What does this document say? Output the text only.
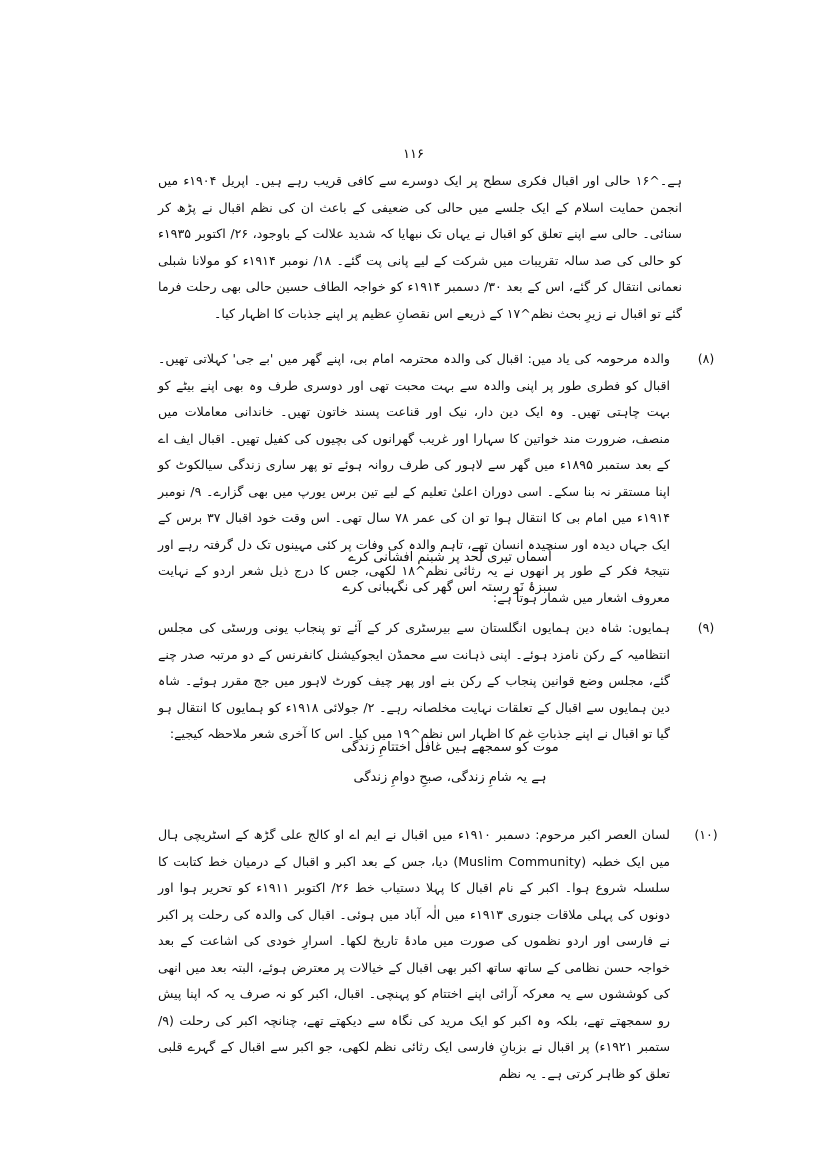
۱۱۶
ہے۔^۱۶ حالی اور اقبال فکری سطح پر ایک دوسرے سے کافی قریب رہے ہیں۔ اپریل ۱۹۰۴ء میں انجمن حمایت اسلام کے ایک جلسے میں حالی کی ضعیفی کے باعث ان کی نظم اقبال نے پڑھ کر سنائی۔ حالی سے اپنے تعلق کو اقبال نے یہاں تک نبھایا کہ شدید علالت کے باوجود، ۲۶/ اکتوبر ۱۹۳۵ء کو حالی کی صد سالہ تقریبات میں شرکت کے لیے پانی پت گئے۔ ۱۸/ نومبر ۱۹۱۴ء کو مولانا شبلی نعمانی انتقال کر گئے، اس کے بعد ۳۰/ دسمبر ۱۹۱۴ء کو خواجہ الطاف حسین حالی بھی رحلت فرما گئے تو اقبال نے زیرِ بحث نظم^۱۷ کے ذریعے اس نقصانِ عظیم پر اپنے جذبات کا اظہار کیا۔
(۸)
والدہ مرحومہ کی یاد میں: اقبال کی والدہ محترمہ امام بی، اپنے گھر میں 'بے جی' کہلاتی تھیں۔ اقبال کو فطری طور پر اپنی والدہ سے بہت محبت تھی اور دوسری طرف وہ بھی اپنے بیٹے کو بہت چاہتی تھیں۔ وہ ایک دین دار، نیک اور قناعت پسند خاتون تھیں۔ خاندانی معاملات میں منصف، ضرورت مند خواتین کا سہارا اور غریب گھرانوں کی بچیوں کی کفیل تھیں۔ اقبال ایف اے کے بعد ستمبر ۱۸۹۵ء میں گھر سے لاہور کی طرف روانہ ہوئے تو پھر ساری زندگی سیالکوٹ کو اپنا مستقر نہ بنا سکے۔ اسی دوران اعلیٰ تعلیم کے لیے تین برس یورپ میں بھی گزارے۔ ۹/ نومبر ۱۹۱۴ء میں امام بی کا انتقال ہوا تو ان کی عمر ۷۸ سال تھی۔ اس وقت خود اقبال ۳۷ برس کے ایک جہاں دیدہ اور سنجیدہ انسان تھے، تاہم والدہ کی وفات پر کئی مہینوں تک دل گرفتہ رہے اور نتیجۂ فکر کے طور پر انھوں نے یہ رثائی نظم^۱۸ لکھی، جس کا درج ذیل شعر اردو کے نہایت معروف اشعار میں شمار ہوتا ہے:
آسماں تیری لحد پر شبنم افشانی کرے
سبزۂ نَو رستہ اس گھر کی نگہبانی کرے
(۹)
ہمایوں: شاہ دین ہمایوں انگلستان سے بیرسٹری کر کے آئے تو پنجاب یونی ورسٹی کی مجلس انتظامیہ کے رکن نامزد ہوئے۔ اپنی ذہانت سے محمڈن ایجوکیشنل کانفرنس کے دو مرتبہ صدر چنے گئے، مجلس وضع قوانین پنجاب کے رکن بنے اور پھر چیف کورٹ لاہور میں جج مقرر ہوئے۔ شاہ دین ہمایوں سے اقبال کے تعلقات نہایت مخلصانہ رہے۔ ۲/ جولائی ۱۹۱۸ء کو ہمایوں کا انتقال ہو گیا تو اقبال نے اپنے جذباتِ غم کا اظہار اس نظم^۱۹ میں کیا۔ اس کا آخری شعر ملاحظہ کیجیے:
موت کو سمجھے ہیں غافل اختتامِ زندگی
ہے یہ شامِ زندگی، صبحِ دوامِ زندگی
(۱۰)
لسان العصر اکبر مرحوم: دسمبر ۱۹۱۰ء میں اقبال نے ایم اے او کالج علی گڑھ کے اسٹریچی ہال میں ایک خطبہ (Muslim Community) دیا، جس کے بعد اکبر و اقبال کے درمیان خط کتابت کا سلسلہ شروع ہوا۔ اکبر کے نام اقبال کا پہلا دستیاب خط ۲۶/ اکتوبر ۱۹۱۱ء کو تحریر ہوا اور دونوں کی پہلی ملاقات جنوری ۱۹۱۳ء میں الٰہ آباد میں ہوئی۔ اقبال کی والدہ کی رحلت پر اکبر نے فارسی اور اردو نظموں کی صورت میں مادۂ تاریخ لکھا۔ اسرارِ خودی کی اشاعت کے بعد خواجہ حسن نظامی کے ساتھ ساتھ اکبر بھی اقبال کے خیالات پر معترض ہوئے، البتہ بعد میں انھی کی کوششوں سے یہ معرکہ آرائی اپنے اختتام کو پہنچی۔ اقبال، اکبر کو نہ صرف یہ کہ اپنا پیش رو سمجھتے تھے، بلکہ وہ اکبر کو ایک مرید کی نگاہ سے دیکھتے تھے، چنانچہ اکبر کی رحلت (۹/ ستمبر ۱۹۲۱ء) پر اقبال نے بزبانِ فارسی ایک رثائی نظم لکھی، جو اکبر سے اقبال کے گہرے قلبی تعلق کو ظاہر کرتی ہے۔ یہ نظم
